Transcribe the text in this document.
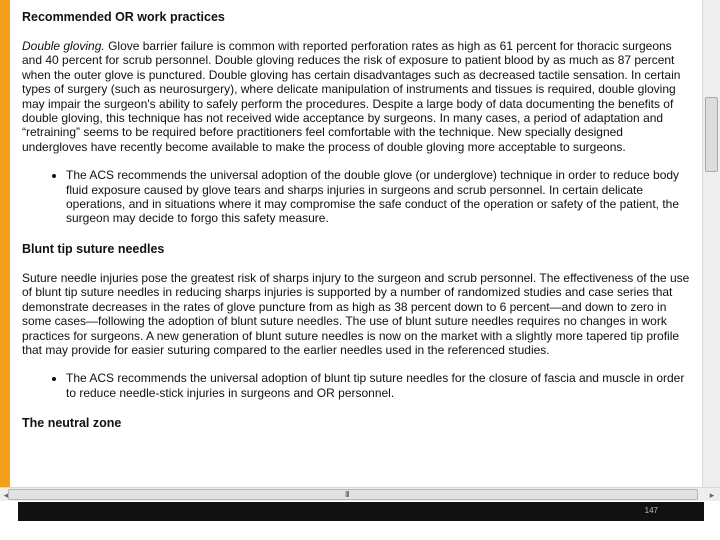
Recommended OR work practices

Double gloving. Glove barrier failure is common with reported perforation rates as high as 61 percent for thoracic surgeons and 40 percent for scrub personnel. Double gloving reduces the risk of exposure to patient blood by as much as 87 percent when the outer glove is punctured. Double gloving has certain disadvantages such as decreased tactile sensation. In certain types of surgery (such as neurosurgery), where delicate manipulation of instruments and tissues is required, double gloving may impair the surgeon's ability to safely perform the procedures. Despite a large body of data documenting the benefits of double gloving, this technique has not received wide acceptance by surgeons. In many cases, a period of adaptation and “retraining” seems to be required before practitioners feel comfortable with the technique. New specially designed undergloves have recently become available to make the process of double gloving more acceptable to surgeons.

• The ACS recommends the universal adoption of the double glove (or underglove) technique in order to reduce body fluid exposure caused by glove tears and sharps injuries in surgeons and scrub personnel. In certain delicate operations, and in situations where it may compromise the safe conduct of the operation or safety of the patient, the surgeon may decide to forgo this safety measure.
Blunt tip suture needles

Suture needle injuries pose the greatest risk of sharps injury to the surgeon and scrub personnel. The effectiveness of the use of blunt tip suture needles in reducing sharps injuries is supported by a number of randomized studies and case series that demonstrate decreases in the rates of glove puncture from as high as 38 percent down to 6 percent—and down to zero in some cases—following the adoption of blunt suture needles. The use of blunt suture needles requires no changes in work practices for surgeons. A new generation of blunt suture needles is now on the market with a slightly more tapered tip profile that may provide for easier suturing compared to the earlier needles used in the referenced studies.

• The ACS recommends the universal adoption of blunt tip suture needles for the closure of fascia and muscle in order to reduce needle-stick injuries in surgeons and OR personnel.
The neutral zone
◂	III	▸
147
